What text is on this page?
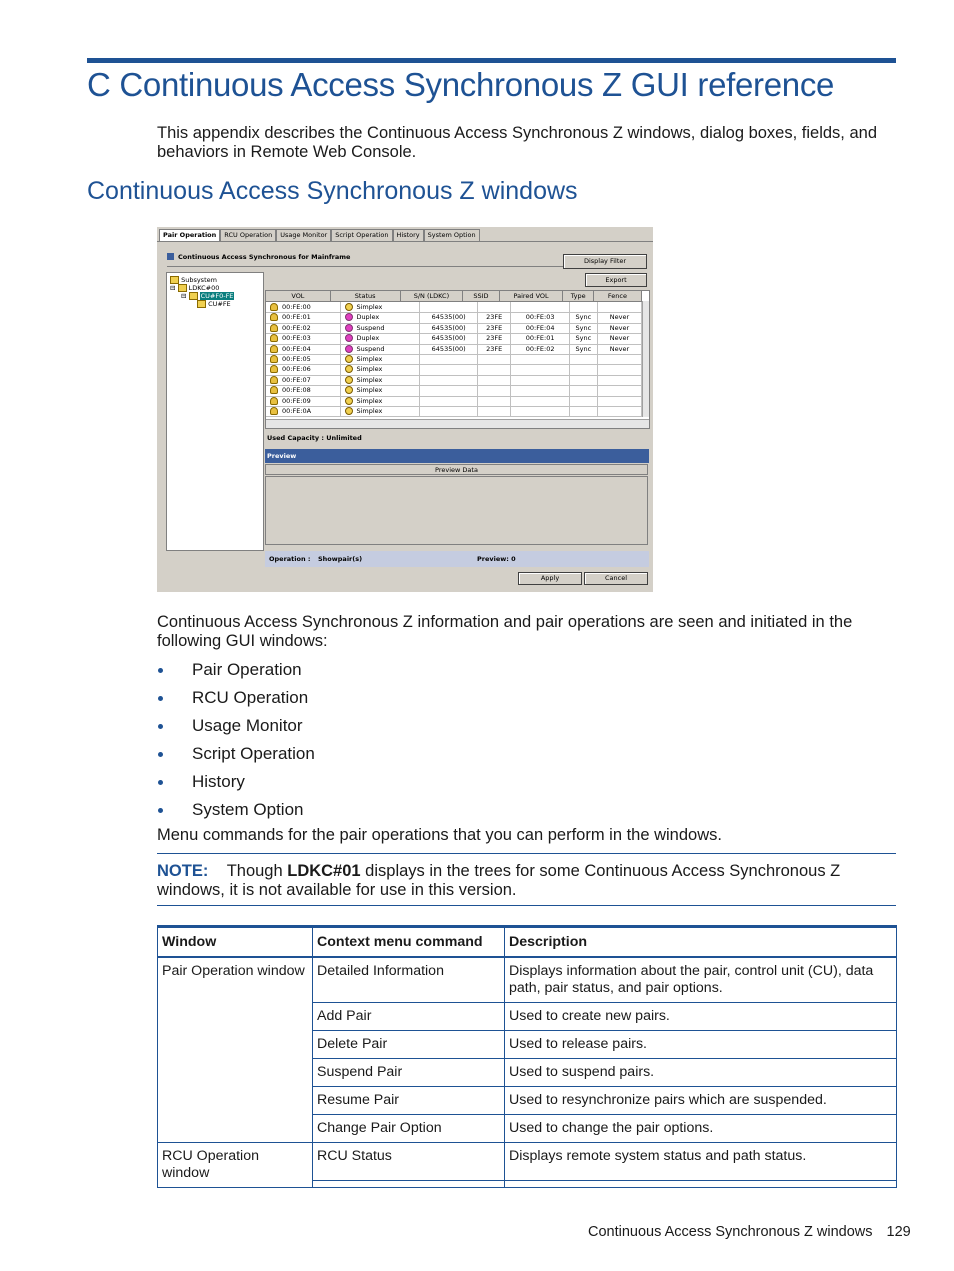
C Continuous Access Synchronous Z GUI reference
This appendix describes the Continuous Access Synchronous Z windows, dialog boxes, fields, and behaviors in Remote Web Console.
Continuous Access Synchronous Z windows
Pair Operation	RCU Operation	Usage Monitor	Script Operation	History	System Option
Continuous Access Synchronous for Mainframe
Subsystem
⊟ LDKC#00
⊟ CU#F0-FE
CU#FE
Display Filter
Export
VOL	Status	S/N (LDKC)	SSID	Paired VOL	Type	Fence
00:FE:00	Simplex
00:FE:01	Duplex	64535(00)	23FE	00:FE:03	Sync	Never
00:FE:02	Suspend	64535(00)	23FE	00:FE:04	Sync	Never
00:FE:03	Duplex	64535(00)	23FE	00:FE:01	Sync	Never
00:FE:04	Suspend	64535(00)	23FE	00:FE:02	Sync	Never
00:FE:05	Simplex
00:FE:06	Simplex
00:FE:07	Simplex
00:FE:08	Simplex
00:FE:09	Simplex
00:FE:0A	Simplex
Used Capacity : Unlimited
Preview
Preview Data
Operation : Showpair(s)	Preview: 0
Apply	Cancel
Continuous Access Synchronous Z information and pair operations are seen and initiated in the following GUI windows:
Pair Operation
RCU Operation
Usage Monitor
Script Operation
History
System Option
Menu commands for the pair operations that you can perform in the windows.
NOTE: Though LDKC#01 displays in the trees for some Continuous Access Synchronous Z windows, it is not available for use in this version.
Window	Context menu command	Description
Pair Operation window	Detailed Information	Displays information about the pair, control unit (CU), data path, pair status, and pair options.
	Add Pair	Used to create new pairs.
	Delete Pair	Used to release pairs.
	Suspend Pair	Used to suspend pairs.
	Resume Pair	Used to resynchronize pairs which are suspended.
	Change Pair Option	Used to change the pair options.
RCU Operation window	RCU Status	Displays remote system status and path status.

Continuous Access Synchronous Z windows 129
